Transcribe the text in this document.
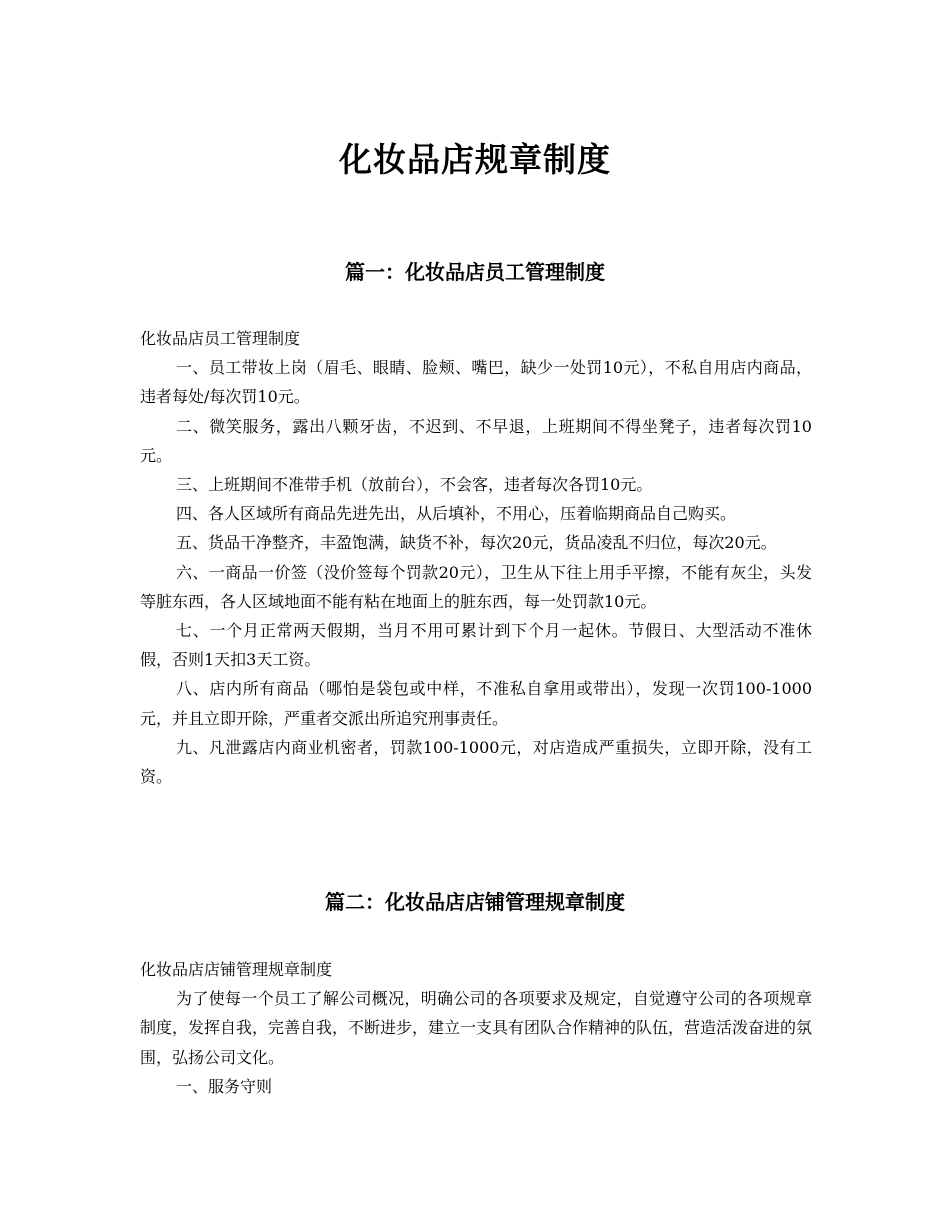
化妆品店规章制度
篇一：化妆品店员工管理制度

化妆品店员工管理制度

一、员工带妆上岗（眉毛、眼睛、脸颊、嘴巴，缺少一处罚10元），不私自用店内商品，违者每处/每次罚10元。

二、微笑服务，露出八颗牙齿，不迟到、不早退，上班期间不得坐凳子，违者每次罚10元。

三、上班期间不准带手机（放前台），不会客，违者每次各罚10元。

四、各人区域所有商品先进先出，从后填补，不用心，压着临期商品自己购买。

五、货品干净整齐，丰盈饱满，缺货不补，每次20元，货品凌乱不归位，每次20元。

六、一商品一价签（没价签每个罚款20元），卫生从下往上用手平擦，不能有灰尘，头发等脏东西，各人区域地面不能有粘在地面上的脏东西，每一处罚款10元。

七、一个月正常两天假期，当月不用可累计到下个月一起休。节假日、大型活动不准休假，否则1天扣3天工资。

八、店内所有商品（哪怕是袋包或中样，不准私自拿用或带出），发现一次罚100-1000元，并且立即开除，严重者交派出所追究刑事责任。

九、凡泄露店内商业机密者，罚款100-1000元，对店造成严重损失，立即开除，没有工资。

篇二：化妆品店店铺管理规章制度

化妆品店店铺管理规章制度

为了使每一个员工了解公司概况，明确公司的各项要求及规定，自觉遵守公司的各项规章制度，发挥自我，完善自我，不断进步，建立一支具有团队合作精神的队伍，营造活泼奋进的氛围，弘扬公司文化。

一、服务守则
